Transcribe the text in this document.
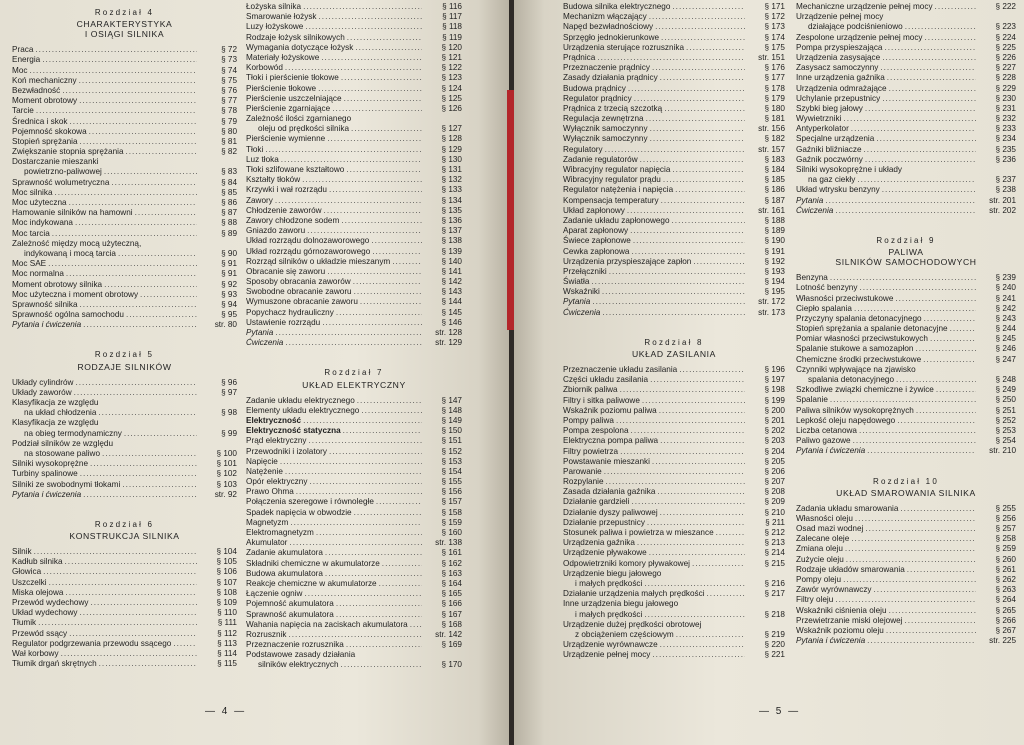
Rozdział 4
CHARAKTERYSTYKA
I OSIĄGI SILNIKA
Praca .....	§ 72
Energia .....	§ 73
Moc .....	§ 74
Koń mechaniczny .....	§ 75
Bezwładność .....	§ 76
Moment obrotowy .....	§ 77
Tarcie .....	§ 78
Średnica i skok .....	§ 79
Pojemność skokowa .....	§ 80
Stopień sprężania .....	§ 81
Zwiększanie stopnia sprężania .....	§ 82
Dostarczanie mieszanki
powietrzno-paliwowej .....	§ 83
Sprawność wolumetryczna .....	§ 84
Moc silnika .....	§ 85
Moc użyteczna .....	§ 86
Hamowanie silników na hamowni .....	§ 87
Moc indykowana .....	§ 88
Moc tarcia .....	§ 89
Zależność między mocą użyteczną,
indykowaną i mocą tarcia .....	§ 90
Moc SAE .....	§ 91
Moc normalna .....	§ 91
Moment obrotowy silnika .....	§ 92
Moc użyteczna i moment obrotowy .....	§ 93
Sprawność silnika .....	§ 94
Sprawność ogólna samochodu .....	§ 95
Pytania i ćwiczenia .....	str. 80
Rozdział 5
RODZAJE SILNIKÓW
Układy cylindrów .....	§ 96
Układy zaworów .....	§ 97
Klasyfikacja ze względu
na układ chłodzenia .....	§ 98
Klasyfikacja ze względu
na obieg termodynamiczny .....	§ 99
Podział silników ze względu
na stosowane paliwo .....	§ 100
Silniki wysokoprężne .....	§ 101
Turbiny spalinowe .....	§ 102
Silniki ze swobodnymi tłokami .....	§ 103
Pytania i ćwiczenia .....	str. 92
Rozdział 6
KONSTRUKCJA SILNIKA
Silnik .....	§ 104
Kadłub silnika .....	§ 105
Głowica .....	§ 106
Uszczelki .....	§ 107
Miska olejowa .....	§ 108
Przewód wydechowy .....	§ 109
Układ wydechowy .....	§ 110
Tłumik .....	§ 111
Przewód ssący .....	§ 112
Regulator podgrzewania przewodu ssącego .....	§ 113
Wał korbowy .....	§ 114
Tłumik drgań skrętnych .....	§ 115
Łożyska silnika .....	§ 116
Smarowanie łożysk .....	§ 117
Luzy łożyskowe .....	§ 118
Rodzaje łożysk silnikowych .....	§ 119
Wymagania dotyczące łożysk .....	§ 120
Materiały łożyskowe .....	§ 121
Korbowód .....	§ 122
Tłoki i pierścienie tłokowe .....	§ 123
Pierścienie tłokowe .....	§ 124
Pierścienie uszczelniające .....	§ 125
Pierścienie zgarniające .....	§ 126
Zależność ilości zgarnianego
oleju od prędkości silnika .....	§ 127
Pierścienie wymienne .....	§ 128
Tłoki .....	§ 129
Luz tłoka .....	§ 130
Tłoki szlifowane kształtowo .....	§ 131
Kształty tłoków .....	§ 132
Krzywki i wał rozrządu .....	§ 133
Zawory .....	§ 134
Chłodzenie zaworów .....	§ 135
Zawory chłodzone sodem .....	§ 136
Gniazdo zaworu .....	§ 137
Układ rozrządu dolnozaworowego .....	§ 138
Układ rozrządu górnozaworowego .....	§ 139
Rozrząd silników o układzie mieszanym .....	§ 140
Obracanie się zaworu .....	§ 141
Sposoby obracania zaworów .....	§ 142
Swobodne obracanie zaworu .....	§ 143
Wymuszone obracanie zaworu .....	§ 144
Popychacz hydrauliczny .....	§ 145
Ustawienie rozrządu .....	§ 146
Pytania .....	str. 128
Ćwiczenia .....	str. 129
Rozdział 7
UKŁAD ELEKTRYCZNY
Zadanie układu elektrycznego .....	§ 147
Elementy układu elektrycznego .....	§ 148
Elektryczność .....	§ 149
Elektryczność statyczna .....	§ 150
Prąd elektryczny .....	§ 151
Przewodniki i izolatory .....	§ 152
Napięcie .....	§ 153
Natężenie .....	§ 154
Opór elektryczny .....	§ 155
Prawo Ohma .....	§ 156
Połączenia szeregowe i równoległe .....	§ 157
Spadek napięcia w obwodzie .....	§ 158
Magnetyzm .....	§ 159
Elektromagnetyzm .....	§ 160
Akumulator .....	str. 138
Zadanie akumulatora .....	§ 161
Składniki chemiczne w akumulatorze .....	§ 162
Budowa akumulatora .....	§ 163
Reakcje chemiczne w akumulatorze .....	§ 164
Łączenie ogniw .....	§ 165
Pojemność akumulatora .....	§ 166
Sprawność akumulatora .....	§ 167
Wahania napięcia na zaciskach akumulatora .....	§ 168
Rozrusznik .....	str. 142
Przeznaczenie rozrusznika .....	§ 169
Podstawowe zasady działania
silników elektrycznych .....	§ 170
— 4 —
Budowa silnika elektrycznego .....	§ 171
Mechanizm włączający .....	§ 172
Napęd bezwładnościowy .....	§ 173
Sprzęgło jednokierunkowe .....	§ 174
Urządzenia sterujące rozrusznika .....	§ 175
Prądnica .....	str. 151
Przeznaczenie prądnicy .....	§ 176
Zasady działania prądnicy .....	§ 177
Budowa prądnicy .....	§ 178
Regulator prądnicy .....	§ 179
Prądnica z trzecią szczotką .....	§ 180
Regulacja zewnętrzna .....	§ 181
Wyłącznik samoczynny .....	str. 156
Wyłącznik samoczynny .....	§ 182
Regulatory .....	str. 157
Zadanie regulatorów .....	§ 183
Wibracyjny regulator napięcia .....	§ 184
Wibracyjny regulator prądu .....	§ 185
Regulator natężenia i napięcia .....	§ 186
Kompensacja temperatury .....	§ 187
Układ zapłonowy .....	str. 161
Zadanie układu zapłonowego .....	§ 188
Aparat zapłonowy .....	§ 189
Świece zapłonowe .....	§ 190
Cewka zapłonowa .....	§ 191
Urządzenia przyspieszające zapłon .....	§ 192
Przełączniki .....	§ 193
Światła .....	§ 194
Wskaźniki .....	§ 195
Pytania .....	str. 172
Ćwiczenia .....	str. 173
Rozdział 8
UKŁAD ZASILANIA
Przeznaczenie układu zasilania .....	§ 196
Części układu zasilania .....	§ 197
Zbiornik paliwa .....	§ 198
Filtry i sitka paliwowe .....	§ 199
Wskaźnik poziomu paliwa .....	§ 200
Pompy paliwa .....	§ 201
Pompa zespolona .....	§ 202
Elektryczna pompa paliwa .....	§ 203
Filtry powietrza .....	§ 204
Powstawanie mieszanki .....	§ 205
Parowanie .....	§ 206
Rozpylanie .....	§ 207
Zasada działania gaźnika .....	§ 208
Działanie gardzieli .....	§ 209
Działanie dyszy paliwowej .....	§ 210
Działanie przepustnicy .....	§ 211
Stosunek paliwa i powietrza w mieszance .....	§ 212
Urządzenia gaźnika .....	§ 213
Urządzenie pływakowe .....	§ 214
Odpowietrzniki komory pływakowej .....	§ 215
Urządzenie biegu jałowego
i małych prędkości .....	§ 216
Działanie urządzenia małych prędkości .....	§ 217
Inne urządzenia biegu jałowego
i małych prędkości .....	§ 218
Urządzenie dużej prędkości obrotowej
z obciążeniem częściowym .....	§ 219
Urządzenie wyrównawcze .....	§ 220
Urządzenie pełnej mocy .....	§ 221
Mechaniczne urządzenie pełnej mocy .....	§ 222
Urządzenie pełnej mocy
działające podciśnieniowo .....	§ 223
Zespolone urządzenie pełnej mocy .....	§ 224
Pompa przyspieszająca .....	§ 225
Urządzenia zasysające .....	§ 226
Zasysacz samoczynny .....	§ 227
Inne urządzenia gaźnika .....	§ 228
Urządzenia odmrażające .....	§ 229
Uchylanie przepustnicy .....	§ 230
Szybki bieg jałowy .....	§ 231
Wywietrzniki .....	§ 232
Antyperkolator .....	§ 233
Specjalne urządzenia .....	§ 234
Gaźniki bliźniacze .....	§ 235
Gaźnik poczwórny .....	§ 236
Silniki wysokoprężne i układy
na gaz ciekły .....	§ 237
Układ wtrysku benzyny .....	§ 238
Pytania .....	str. 201
Ćwiczenia .....	str. 202
Rozdział 9
PALIWA
SILNIKÓW SAMOCHODOWYCH
Benzyna .....	§ 239
Lotność benzyny .....	§ 240
Własności przeciwstukowe .....	§ 241
Ciepło spalania .....	§ 242
Przyczyny spalania detonacyjnego .....	§ 243
Stopień sprężania a spalanie detonacyjne .....	§ 244
Pomiar własności przeciwstukowych .....	§ 245
Spalanie stukowe a samozapłon .....	§ 246
Chemiczne środki przeciwstukowe .....	§ 247
Czynniki wpływające na zjawisko
spalania detonacyjnego .....	§ 248
Szkodliwe związki chemiczne i żywice .....	§ 249
Spalanie .....	§ 250
Paliwa silników wysokoprężnych .....	§ 251
Lepkość oleju napędowego .....	§ 252
Liczba cetanowa .....	§ 253
Paliwo gazowe .....	§ 254
Pytania i ćwiczenia .....	str. 210
Rozdział 10
UKŁAD SMAROWANIA SILNIKA
Zadania układu smarowania .....	§ 255
Własności oleju .....	§ 256
Osad mazi wodnej .....	§ 257
Zalecane oleje .....	§ 258
Zmiana oleju .....	§ 259
Zużycie oleju .....	§ 260
Rodzaje układów smarowania .....	§ 261
Pompy oleju .....	§ 262
Zawór wyrównawczy .....	§ 263
Filtry oleju .....	§ 264
Wskaźniki ciśnienia oleju .....	§ 265
Przewietrzanie miski olejowej .....	§ 266
Wskaźnik poziomu oleju .....	§ 267
Pytania i ćwiczenia .....	str. 225
— 5 —
